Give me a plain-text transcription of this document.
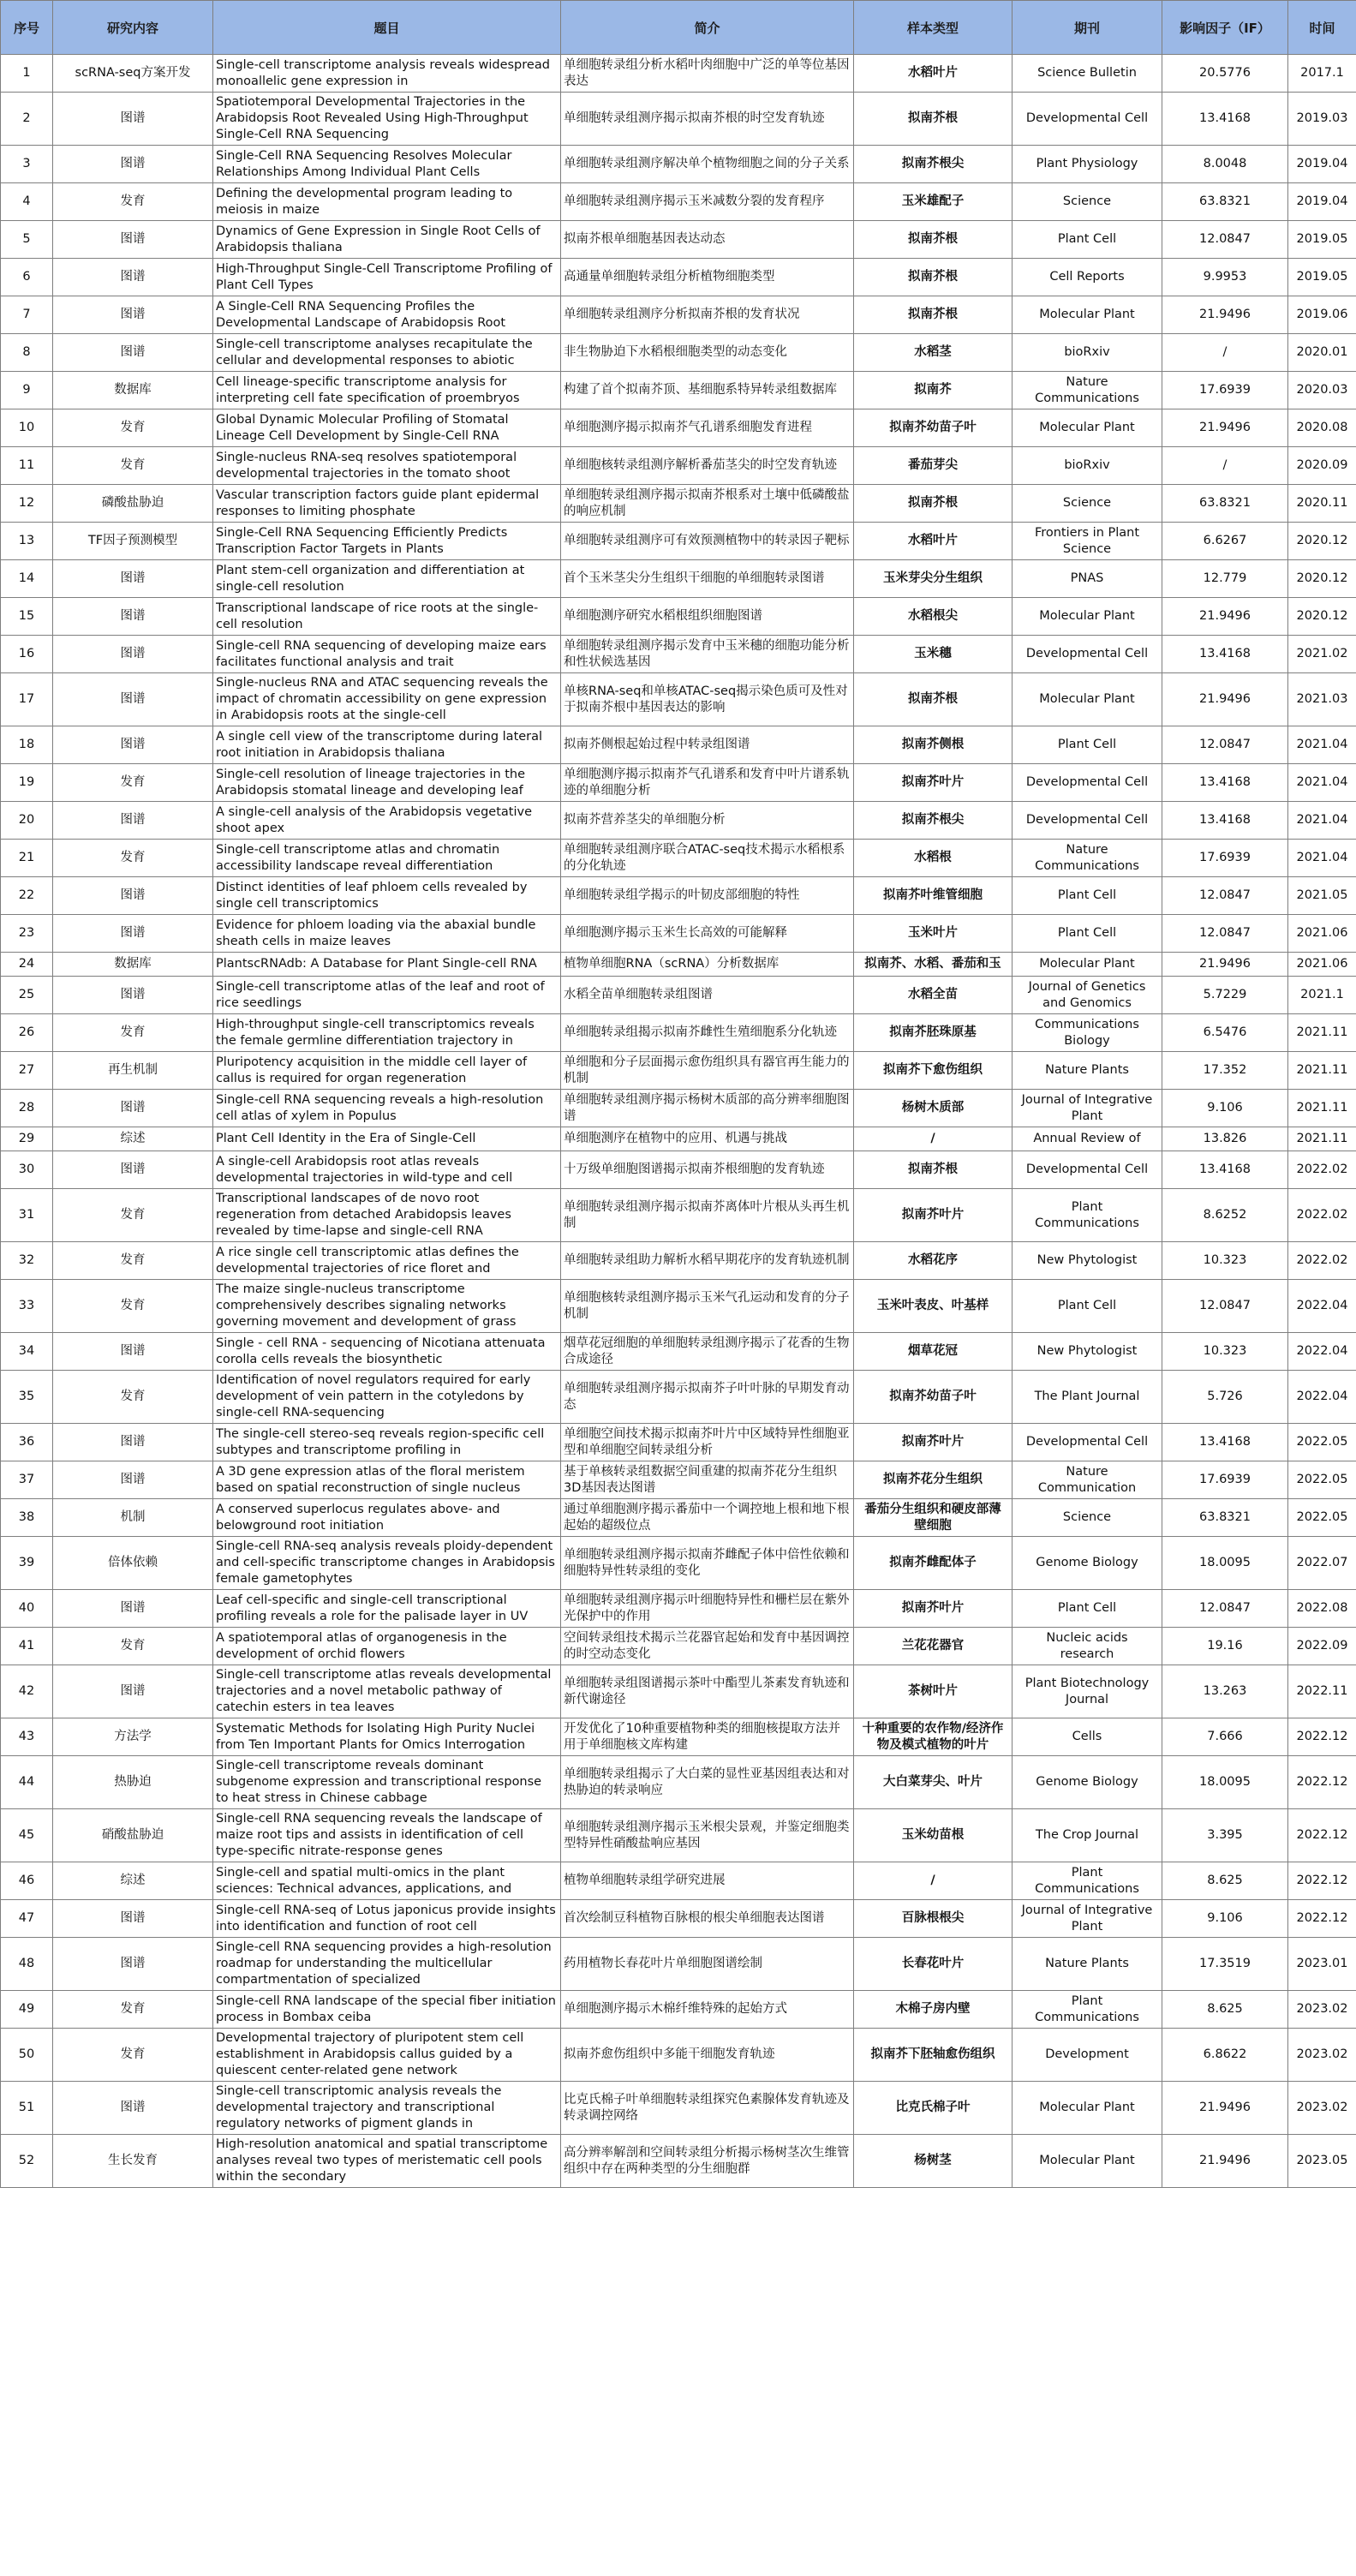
序号	研究内容	题目	简介	样本类型	期刊	影响因子（IF）	时间

1	scRNA-seq方案开发	Single-cell transcriptome analysis reveals widespread monoallelic gene expression in	单细胞转录组分析水稻叶肉细胞中广泛的单等位基因表达	水稻叶片	Science Bulletin	20.5776	2017.1

2	图谱	Spatiotemporal Developmental Trajectories in the Arabidopsis Root Revealed Using High-Throughput Single-Cell RNA Sequencing	单细胞转录组测序揭示拟南芥根的时空发育轨迹	拟南芥根	Developmental Cell	13.4168	2019.03

3	图谱	Single-Cell RNA Sequencing Resolves Molecular Relationships Among Individual Plant Cells	单细胞转录组测序解决单个植物细胞之间的分子关系	拟南芥根尖	Plant Physiology	8.0048	2019.04

4	发育	Defining the developmental program leading to meiosis in maize	单细胞转录组测序揭示玉米减数分裂的发育程序	玉米雄配子	Science	63.8321	2019.04

5	图谱	Dynamics of Gene Expression in Single Root Cells of Arabidopsis thaliana	拟南芥根单细胞基因表达动态	拟南芥根	Plant Cell	12.0847	2019.05

6	图谱	High-Throughput Single-Cell Transcriptome Profiling of Plant Cell Types	高通量单细胞转录组分析植物细胞类型	拟南芥根	Cell Reports	9.9953	2019.05

7	图谱	A Single-Cell RNA Sequencing Profiles the Developmental Landscape of Arabidopsis Root	单细胞转录组测序分析拟南芥根的发育状况	拟南芥根	Molecular Plant	21.9496	2019.06

8	图谱	Single-cell transcriptome analyses recapitulate the cellular and developmental responses to abiotic	非生物胁迫下水稻根细胞类型的动态变化	水稻茎	bioRxiv	/	2020.01

9	数据库	Cell lineage-specific transcriptome analysis for interpreting cell fate specification of proembryos	构建了首个拟南芥顶、基细胞系特异转录组数据库	拟南芥	Nature Communications	17.6939	2020.03

10	发育	Global Dynamic Molecular Profiling of Stomatal Lineage Cell Development by Single-Cell RNA	单细胞测序揭示拟南芥气孔谱系细胞发育进程	拟南芥幼苗子叶	Molecular Plant	21.9496	2020.08

11	发育	Single-nucleus RNA-seq resolves spatiotemporal developmental trajectories in the tomato shoot	单细胞核转录组测序解析番茄茎尖的时空发育轨迹	番茄芽尖	bioRxiv	/	2020.09

12	磷酸盐胁迫	Vascular transcription factors guide plant epidermal responses to limiting phosphate	单细胞转录组测序揭示拟南芥根系对土壤中低磷酸盐的响应机制	拟南芥根	Science	63.8321	2020.11

13	TF因子预测模型	Single-Cell RNA Sequencing Efficiently Predicts Transcription Factor Targets in Plants	单细胞转录组测序可有效预测植物中的转录因子靶标	水稻叶片	Frontiers in Plant Science	6.6267	2020.12

14	图谱	Plant stem-cell organization and differentiation at single-cell resolution	首个玉米茎尖分生组织干细胞的单细胞转录图谱	玉米芽尖分生组织	PNAS	12.779	2020.12

15	图谱	Transcriptional landscape of rice roots at the single-cell resolution	单细胞测序研究水稻根组织细胞图谱	水稻根尖	Molecular Plant	21.9496	2020.12

16	图谱	Single-cell RNA sequencing of developing maize ears facilitates functional analysis and trait	单细胞转录组测序揭示发育中玉米穗的细胞功能分析和性状候选基因	玉米穗	Developmental Cell	13.4168	2021.02

17	图谱	Single-nucleus RNA and ATAC sequencing reveals the impact of chromatin accessibility on gene expression in Arabidopsis roots at the single-cell	单核RNA-seq和单核ATAC-seq揭示染色质可及性对于拟南芥根中基因表达的影响	拟南芥根	Molecular Plant	21.9496	2021.03

18	图谱	A single cell view of the transcriptome during lateral root initiation in Arabidopsis thaliana	拟南芥侧根起始过程中转录组图谱	拟南芥侧根	Plant Cell	12.0847	2021.04

19	发育	Single-cell resolution of lineage trajectories in the Arabidopsis stomatal lineage and developing leaf	单细胞测序揭示拟南芥气孔谱系和发育中叶片谱系轨迹的单细胞分析	拟南芥叶片	Developmental Cell	13.4168	2021.04

20	图谱	A single-cell analysis of the Arabidopsis vegetative shoot apex	拟南芥营养茎尖的单细胞分析	拟南芥根尖	Developmental Cell	13.4168	2021.04

21	发育	Single-cell transcriptome atlas and chromatin accessibility landscape reveal differentiation	单细胞转录组测序联合ATAC-seq技术揭示水稻根系的分化轨迹	水稻根	Nature Communications	17.6939	2021.04

22	图谱	Distinct identities of leaf phloem cells revealed by single cell transcriptomics	单细胞转录组学揭示的叶韧皮部细胞的特性	拟南芥叶维管细胞	Plant Cell	12.0847	2021.05

23	图谱	Evidence for phloem loading via the abaxial bundle sheath cells in maize leaves	单细胞测序揭示玉米生长高效的可能解释	玉米叶片	Plant Cell	12.0847	2021.06

24	数据库	PlantscRNAdb: A Database for Plant Single-cell RNA	植物单细胞RNA（scRNA）分析数据库	拟南芥、水稻、番茄和玉	Molecular Plant	21.9496	2021.06

25	图谱	Single-cell transcriptome atlas of the leaf and root of rice seedlings	水稻全苗单细胞转录组图谱	水稻全苗	Journal of Genetics and Genomics	5.7229	2021.1

26	发育	High-throughput single-cell transcriptomics reveals the female germline differentiation trajectory in	单细胞转录组揭示拟南芥雌性生殖细胞系分化轨迹	拟南芥胚珠原基	Communications Biology	6.5476	2021.11

27	再生机制	Pluripotency acquisition in the middle cell layer of callus is required for organ regeneration	单细胞和分子层面揭示愈伤组织具有器官再生能力的机制	拟南芥下愈伤组织	Nature Plants	17.352	2021.11

28	图谱	Single-cell RNA sequencing reveals a high-resolution cell atlas of xylem in Populus	单细胞转录组测序揭示杨树木质部的高分辨率细胞图谱	杨树木质部	Journal of Integrative Plant	9.106	2021.11

29	综述	Plant Cell Identity in the Era of Single-Cell	单细胞测序在植物中的应用、机遇与挑战	/	Annual Review of	13.826	2021.11

30	图谱	A single-cell Arabidopsis root atlas reveals developmental trajectories in wild-type and cell	十万级单细胞图谱揭示拟南芥根细胞的发育轨迹	拟南芥根	Developmental Cell	13.4168	2022.02

31	发育	Transcriptional landscapes of de novo root regeneration from detached Arabidopsis leaves revealed by time-lapse and single-cell RNA	单细胞转录组测序揭示拟南芥离体叶片根从头再生机制	拟南芥叶片	Plant Communications	8.6252	2022.02

32	发育	A rice single cell transcriptomic atlas defines the developmental trajectories of rice floret and	单细胞转录组助力解析水稻早期花序的发育轨迹机制	水稻花序	New Phytologist	10.323	2022.02

33	发育	The maize single-nucleus transcriptome comprehensively describes signaling networks governing movement and development of grass	单细胞核转录组测序揭示玉米气孔运动和发育的分子机制	玉米叶表皮、叶基样	Plant Cell	12.0847	2022.04

34	图谱	Single - cell RNA - sequencing of Nicotiana attenuata corolla cells reveals the biosynthetic	烟草花冠细胞的单细胞转录组测序揭示了花香的生物合成途径	烟草花冠	New Phytologist	10.323	2022.04

35	发育	Identification of novel regulators required for early development of vein pattern in the cotyledons by single-cell RNA-sequencing	单细胞转录组测序揭示拟南芥子叶叶脉的早期发育动态	拟南芥幼苗子叶	The Plant Journal	5.726	2022.04

36	图谱	The single-cell stereo-seq reveals region-specific cell subtypes and transcriptome profiling in	单细胞空间技术揭示拟南芥叶片中区域特异性细胞亚型和单细胞空间转录组分析	拟南芥叶片	Developmental Cell	13.4168	2022.05

37	图谱	A 3D gene expression atlas of the floral meristem based on spatial reconstruction of single nucleus	基于单核转录组数据空间重建的拟南芥花分生组织3D基因表达图谱	拟南芥花分生组织	Nature Communication	17.6939	2022.05

38	机制	A conserved superlocus regulates above- and belowground root initiation	通过单细胞测序揭示番茄中一个调控地上根和地下根起始的超级位点	番茄分生组织和硬皮部薄壁细胞	Science	63.8321	2022.05

39	倍体依赖	Single-cell RNA-seq analysis reveals ploidy-dependent and cell-specific transcriptome changes in Arabidopsis female gametophytes	单细胞转录组测序揭示拟南芥雌配子体中倍性依赖和细胞特异性转录组的变化	拟南芥雌配体子	Genome Biology	18.0095	2022.07

40	图谱	Leaf cell-specific and single-cell transcriptional profiling reveals a role for the palisade layer in UV	单细胞转录组测序揭示叶细胞特异性和栅栏层在紫外光保护中的作用	拟南芥叶片	Plant Cell	12.0847	2022.08

41	发育	A spatiotemporal atlas of organogenesis in the development of orchid flowers	空间转录组技术揭示兰花器官起始和发育中基因调控的时空动态变化	兰花花器官	Nucleic acids research	19.16	2022.09

42	图谱	Single-cell transcriptome atlas reveals developmental trajectories and a novel metabolic pathway of catechin esters in tea leaves	单细胞转录组图谱揭示茶叶中酯型儿茶素发育轨迹和新代谢途径	茶树叶片	Plant Biotechnology Journal	13.263	2022.11

43	方法学	Systematic Methods for Isolating High Purity Nuclei from Ten Important Plants for Omics Interrogation	开发优化了10种重要植物种类的细胞核提取方法并用于单细胞核文库构建	十种重要的农作物/经济作物及模式植物的叶片	Cells	7.666	2022.12

44	热胁迫	Single-cell transcriptome reveals dominant subgenome expression and transcriptional response to heat stress in Chinese cabbage	单细胞转录组揭示了大白菜的显性亚基因组表达和对热胁迫的转录响应	大白菜芽尖、叶片	Genome Biology	18.0095	2022.12

45	硝酸盐胁迫	Single-cell RNA sequencing reveals the landscape of maize root tips and assists in identification of cell type-specific nitrate-response genes	单细胞转录组测序揭示玉米根尖景观，并鉴定细胞类型特异性硝酸盐响应基因	玉米幼苗根	The Crop Journal	3.395	2022.12

46	综述	Single-cell and spatial multi-omics in the plant sciences: Technical advances, applications, and	植物单细胞转录组学研究进展	/	Plant Communications	8.625	2022.12

47	图谱	Single-cell RNA-seq of Lotus japonicus provide insights into identification and function of root cell	首次绘制豆科植物百脉根的根尖单细胞表达图谱	百脉根根尖	Journal of Integrative Plant	9.106	2022.12

48	图谱	Single-cell RNA sequencing provides a high-resolution roadmap for understanding the multicellular compartmentation of specialized	药用植物长春花叶片单细胞图谱绘制	长春花叶片	Nature Plants	17.3519	2023.01

49	发育	Single-cell RNA landscape of the special fiber initiation process in Bombax ceiba	单细胞测序揭示木棉纤维特殊的起始方式	木棉子房内壁	Plant Communications	8.625	2023.02

50	发育	Developmental trajectory of pluripotent stem cell establishment in Arabidopsis callus guided by a quiescent center-related gene network	拟南芥愈伤组织中多能干细胞发育轨迹	拟南芥下胚轴愈伤组织	Development	6.8622	2023.02

51	图谱	Single-cell transcriptomic analysis reveals the developmental trajectory and transcriptional regulatory networks of pigment glands in	比克氏棉子叶单细胞转录组探究色素腺体发育轨迹及转录调控网络	比克氏棉子叶	Molecular Plant	21.9496	2023.02

52	生长发育	High-resolution anatomical and spatial transcriptome analyses reveal two types of meristematic cell pools within the secondary	高分辨率解剖和空间转录组分析揭示杨树茎次生维管组织中存在两种类型的分生细胞群	杨树茎	Molecular Plant	21.9496	2023.05
